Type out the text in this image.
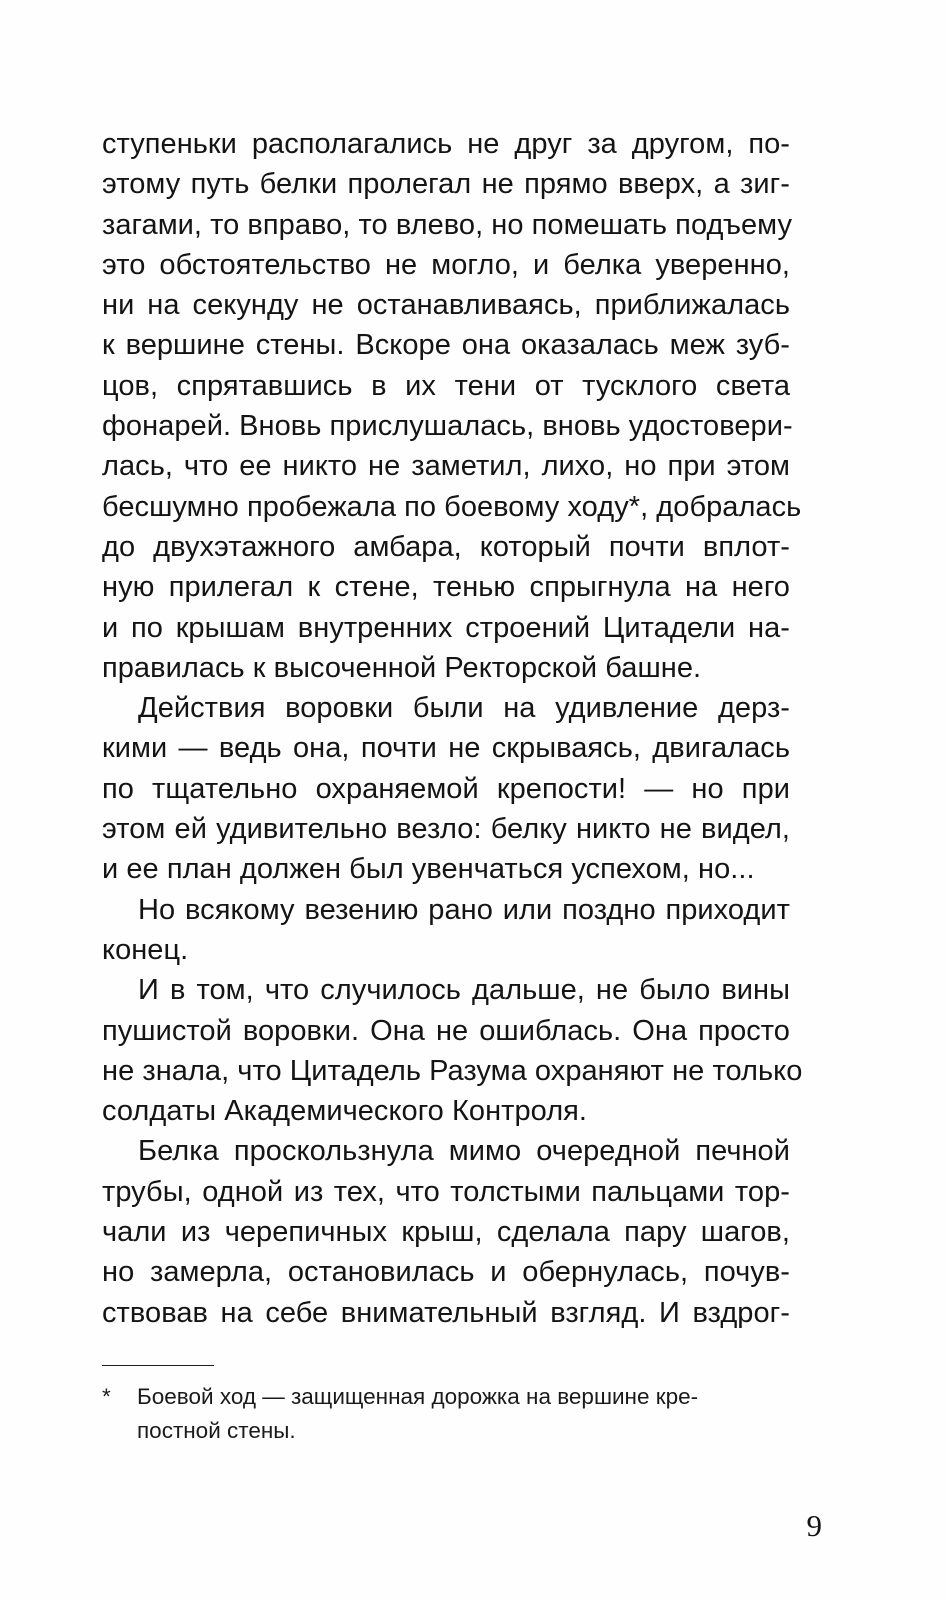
ступеньки располагались не друг за другом, по-
этому путь белки пролегал не прямо вверх, а зиг-
загами, то вправо, то влево, но помешать подъему
это обстоятельство не могло, и белка уверенно,
ни на секунду не останавливаясь, приближалась
к вершине стены. Вскоре она оказалась меж зуб-
цов, спрятавшись в их тени от тусклого света
фонарей. Вновь прислушалась, вновь удостовери-
лась, что ее никто не заметил, лихо, но при этом
бесшумно пробежала по боевому ходу*, добралась
до двухэтажного амбара, который почти вплот-
ную прилегал к стене, тенью спрыгнула на него
и по крышам внутренних строений Цитадели на-
правилась к высоченной Ректорской башне.
Действия воровки были на удивление дерз-
кими — ведь она, почти не скрываясь, двигалась
по тщательно охраняемой крепости! — но при
этом ей удивительно везло: белку никто не видел,
и ее план должен был увенчаться успехом, но...
Но всякому везению рано или поздно приходит
конец.
И в том, что случилось дальше, не было вины
пушистой воровки. Она не ошиблась. Она просто
не знала, что Цитадель Разума охраняют не только
солдаты Академического Контроля.
Белка проскользнула мимо очередной печной
трубы, одной из тех, что толстыми пальцами тор-
чали из черепичных крыш, сделала пару шагов,
но замерла, остановилась и обернулась, почув-
ствовав на себе внимательный взгляд. И вздрог-
*	Боевой ход — защищенная дорожка на вершине кре-
постной стены.
9
